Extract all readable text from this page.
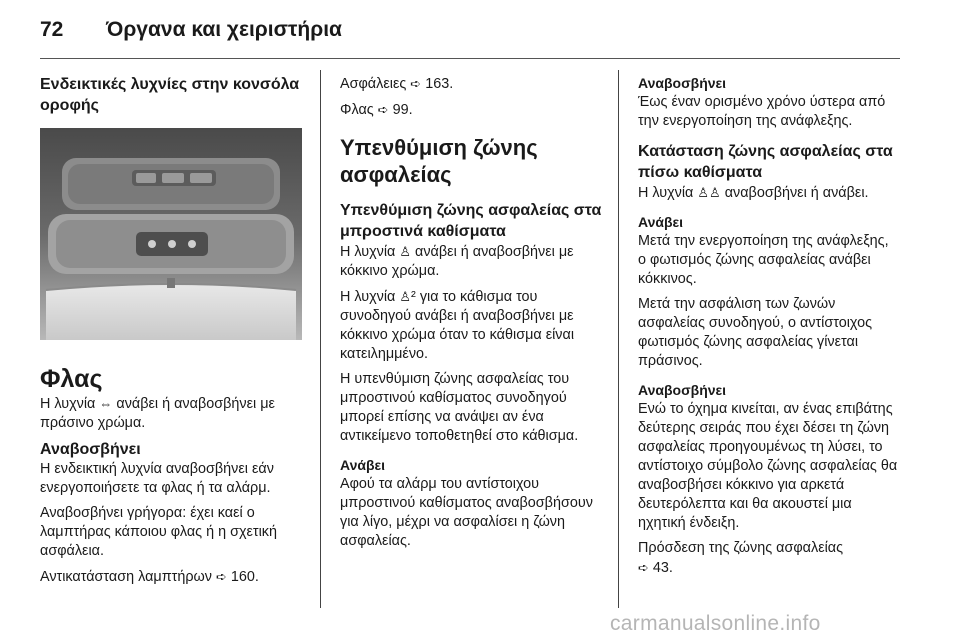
72 Όργανα και χειριστήρια
Ενδεικτικές λυχνίες στην κονσόλα οροφής
Φλας

Η λυχνία ⇔ ανάβει ή αναβοσβήνει με πράσινο χρώμα.

Αναβοσβήνει

Η ενδεικτική λυχνία αναβοσβήνει εάν ενεργοποιήσετε τα φλας ή τα αλάρμ.

Αναβοσβήνει γρήγορα: έχει καεί ο λαμπτήρας κάποιου φλας ή η σχετική ασφάλεια.

Αντικατάσταση λαμπτήρων ➪ 160.

Ασφάλειες ➪ 163.

Φλας ➪ 99.

Υπενθύμιση ζώνης ασφαλείας
Υπενθύμιση ζώνης ασφαλείας στα μπροστινά καθίσματα

Η λυχνία ♙ ανάβει ή αναβοσβήνει με κόκκινο χρώμα.

Η λυχνία ♙² για το κάθισμα του συνοδηγού ανάβει ή αναβοσβήνει με κόκκινο χρώμα όταν το κάθισμα είναι κατειλημμένο.

Η υπενθύμιση ζώνης ασφαλείας του μπροστινού καθίσματος συνοδηγού μπορεί επίσης να ανάψει αν ένα αντικείμενο τοποθετηθεί στο κάθισμα.

Ανάβει

Αφού τα αλάρμ του αντίστοιχου μπροστινού καθίσματος αναβοσβήσουν για λίγο, μέχρι να ασφαλίσει η ζώνη ασφαλείας.

Αναβοσβήνει

Έως έναν ορισμένο χρόνο ύστερα από την ενεργοποίηση της ανάφλεξης.

Κατάσταση ζώνης ασφαλείας στα πίσω καθίσματα

Η λυχνία ♙♙ αναβοσβήνει ή ανάβει.

Ανάβει

Μετά την ενεργοποίηση της ανάφλεξης, ο φωτισμός ζώνης ασφαλείας ανάβει κόκκινος.

Μετά την ασφάλιση των ζωνών ασφαλείας συνοδηγού, ο αντίστοιχος φωτισμός ζώνης ασφαλείας γίνεται πράσινος.

Αναβοσβήνει

Ενώ το όχημα κινείται, αν ένας επιβάτης δεύτερης σειράς που έχει δέσει τη ζώνη ασφαλείας προηγουμένως τη λύσει, το αντίστοιχο σύμβολο ζώνης ασφαλείας θα αναβοσβήσει κόκκινο για αρκετά δευτερόλεπτα και θα ακουστεί μια ηχητική ένδειξη.

Πρόσδεση της ζώνης ασφαλείας
➪ 43.

carmanualsonline.info
